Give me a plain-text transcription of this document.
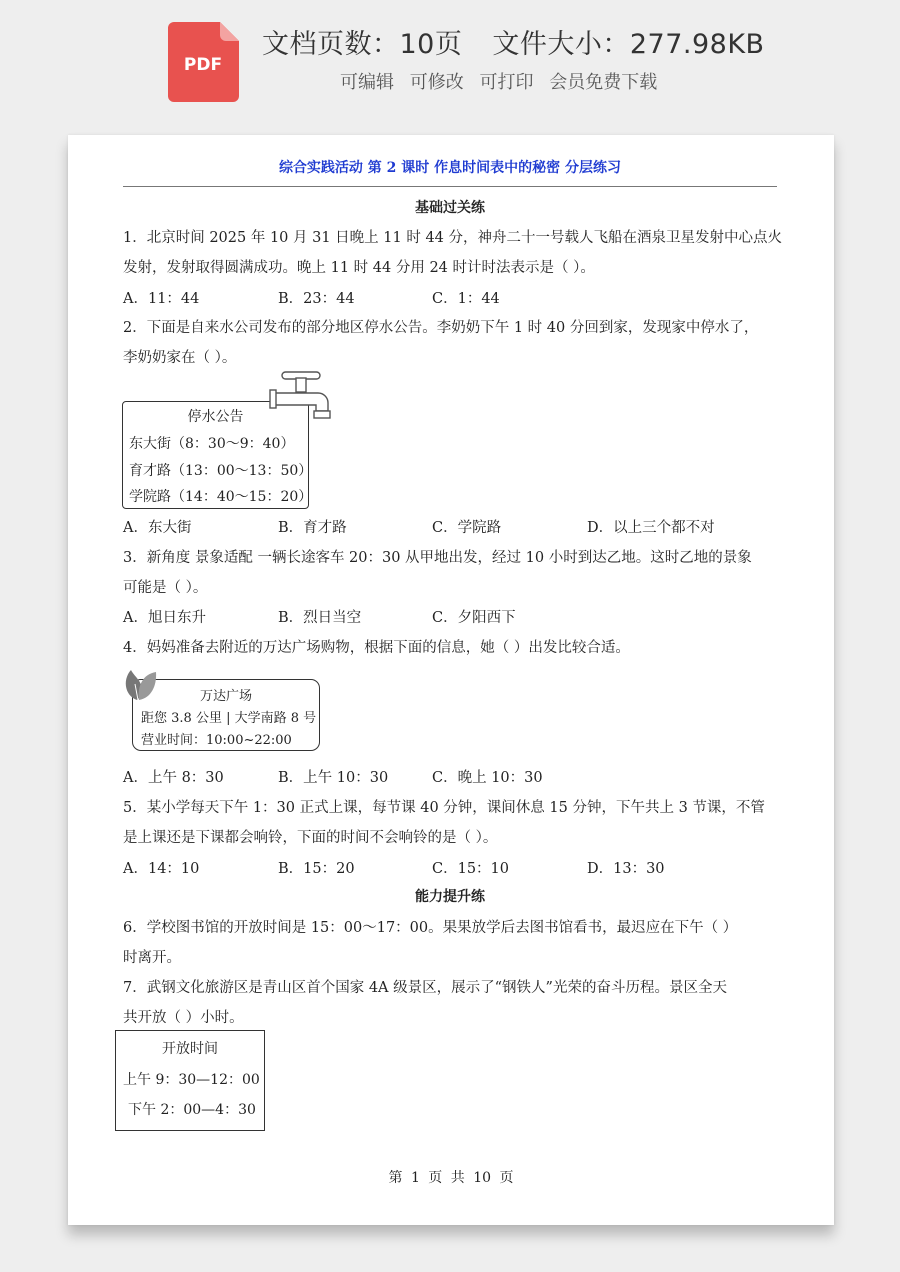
PDF
文档页数：10页 文件大小：277.98KB
可编辑 可修改 可打印 会员免费下载
综合实践活动 第 2 课时 作息时间表中的秘密 分层练习
基础过关练
1．北京时间 2025 年 10 月 31 日晚上 11 时 44 分，神舟二十一号载人飞船在酒泉卫星发射中心点火
发射，发射取得圆满成功。晚上 11 时 44 分用 24 时计时法表示是（ ）。
A．11：44	B．23：44	C．1：44
2．下面是自来水公司发布的部分地区停水公告。李奶奶下午 1 时 40 分回到家，发现家中停水了，
李奶奶家在（ ）。
停水公告
东大街（8：30～9：40）
育才路（13：00～13：50）
学院路（14：40～15：20）
A．东大街	B．育才路	C．学院路	D．以上三个都不对
3．新角度 景象适配 一辆长途客车 20：30 从甲地出发，经过 10 小时到达乙地。这时乙地的景象
可能是（ ）。
A．旭日东升	B．烈日当空	C．夕阳西下
4．妈妈准备去附近的万达广场购物，根据下面的信息，她（ ）出发比较合适。
万达广场
距您 3.8 公里 | 大学南路 8 号
营业时间：10:00~22:00
A．上午 8：30	B．上午 10：30	C．晚上 10：30
5．某小学每天下午 1：30 正式上课，每节课 40 分钟，课间休息 15 分钟，下午共上 3 节课，不管
是上课还是下课都会响铃，下面的时间不会响铃的是（ ）。
A．14：10	B．15：20	C．15：10	D．13：30
能力提升练
6．学校图书馆的开放时间是 15：00～17：00。果果放学后去图书馆看书，最迟应在下午（ ）
时离开。
7．武钢文化旅游区是青山区首个国家 4A 级景区，展示了“钢铁人”光荣的奋斗历程。景区全天
共开放（ ）小时。
开放时间
上午 9：30—12：00
下午 2：00—4：30
第 1 页 共 10 页
